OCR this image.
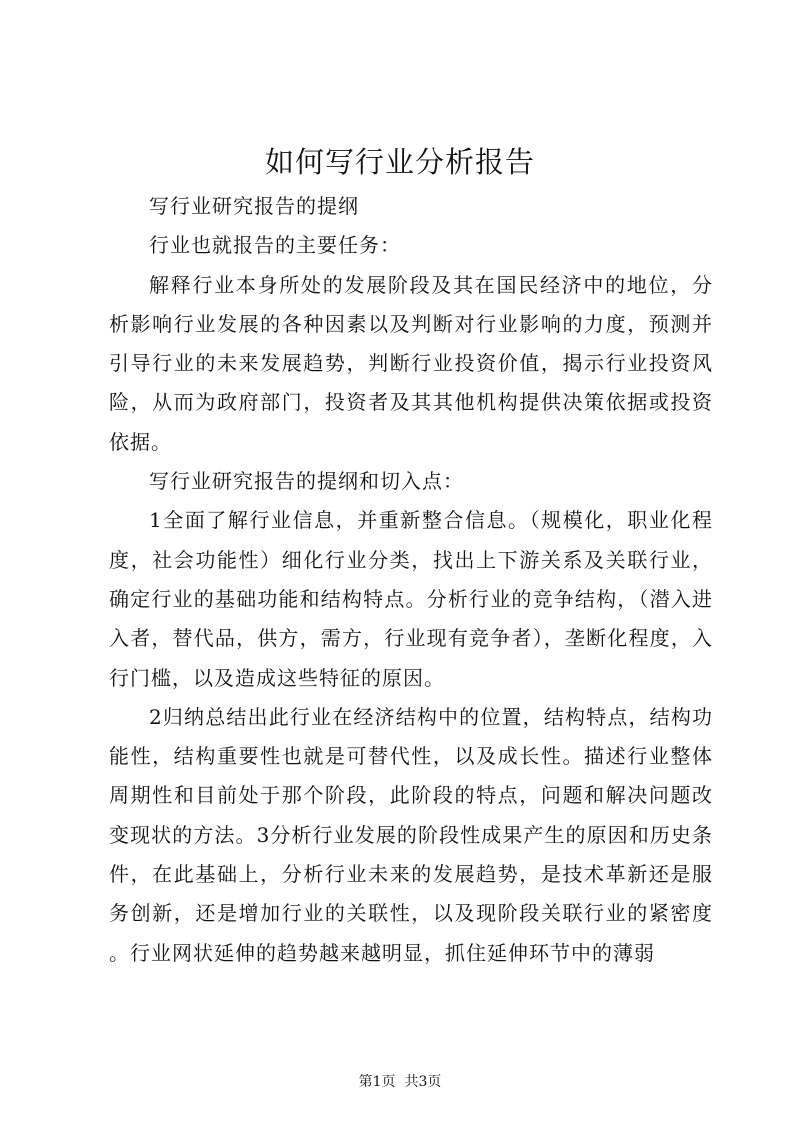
如何写行业分析报告

写行业研究报告的提纲

行业也就报告的主要任务：

解释行业本身所处的发展阶段及其在国民经济中的地位，分析影响行业发展的各种因素以及判断对行业影响的力度，预测并引导行业的未来发展趋势，判断行业投资价值，揭示行业投资风险，从而为政府部门，投资者及其其他机构提供决策依据或投资依据。

写行业研究报告的提纲和切入点：

1全面了解行业信息，并重新整合信息。（规模化，职业化程度，社会功能性）细化行业分类，找出上下游关系及关联行业，确定行业的基础功能和结构特点。分析行业的竞争结构，（潜入进入者，替代品，供方，需方，行业现有竞争者），垄断化程度，入行门槛，以及造成这些特征的原因。

2归纳总结出此行业在经济结构中的位置，结构特点，结构功能性，结构重要性也就是可替代性，以及成长性。描述行业整体周期性和目前处于那个阶段，此阶段的特点，问题和解决问题改变现状的方法。3分析行业发展的阶段性成果产生的原因和历史条件，在此基础上，分析行业未来的发展趋势，是技术革新还是服务创新，还是增加行业的关联性，以及现阶段关联行业的紧密度。行业网状延伸的趋势越来越明显，抓住延伸环节中的薄弱

第1页  共3页
